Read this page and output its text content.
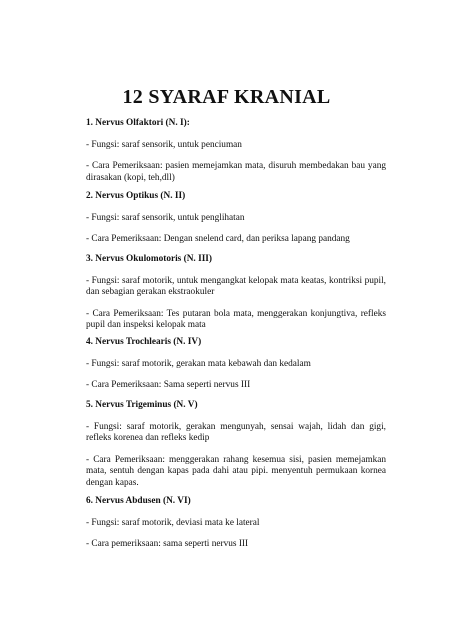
12 SYARAF KRANIAL
1. Nervus Olfaktori (N. I):
- Fungsi: saraf sensorik, untuk penciuman
- Cara Pemeriksaan: pasien memejamkan mata, disuruh membedakan bau yang dirasakan (kopi, teh,dll)
2. Nervus Optikus (N. II)
- Fungsi: saraf sensorik, untuk penglihatan
- Cara Pemeriksaan: Dengan snelend card, dan periksa lapang pandang
3. Nervus Okulomotoris (N. III)
- Fungsi: saraf motorik, untuk mengangkat kelopak mata keatas, kontriksi pupil, dan sebagian gerakan ekstraokuler
- Cara Pemeriksaan: Tes putaran bola mata, menggerakan konjungtiva, refleks pupil dan inspeksi kelopak mata
4. Nervus Trochlearis (N. IV)
- Fungsi: saraf motorik, gerakan mata kebawah dan kedalam
- Cara Pemeriksaan: Sama seperti nervus III
5. Nervus Trigeminus (N. V)
- Fungsi: saraf motorik, gerakan mengunyah, sensai wajah, lidah dan gigi, refleks korenea dan refleks kedip
- Cara Pemeriksaan: menggerakan rahang kesemua sisi, pasien memejamkan mata, sentuh dengan kapas pada dahi atau pipi. menyentuh permukaan kornea dengan kapas.
6. Nervus Abdusen (N. VI)
- Fungsi: saraf motorik, deviasi mata ke lateral
- Cara pemeriksaan: sama seperti nervus III
